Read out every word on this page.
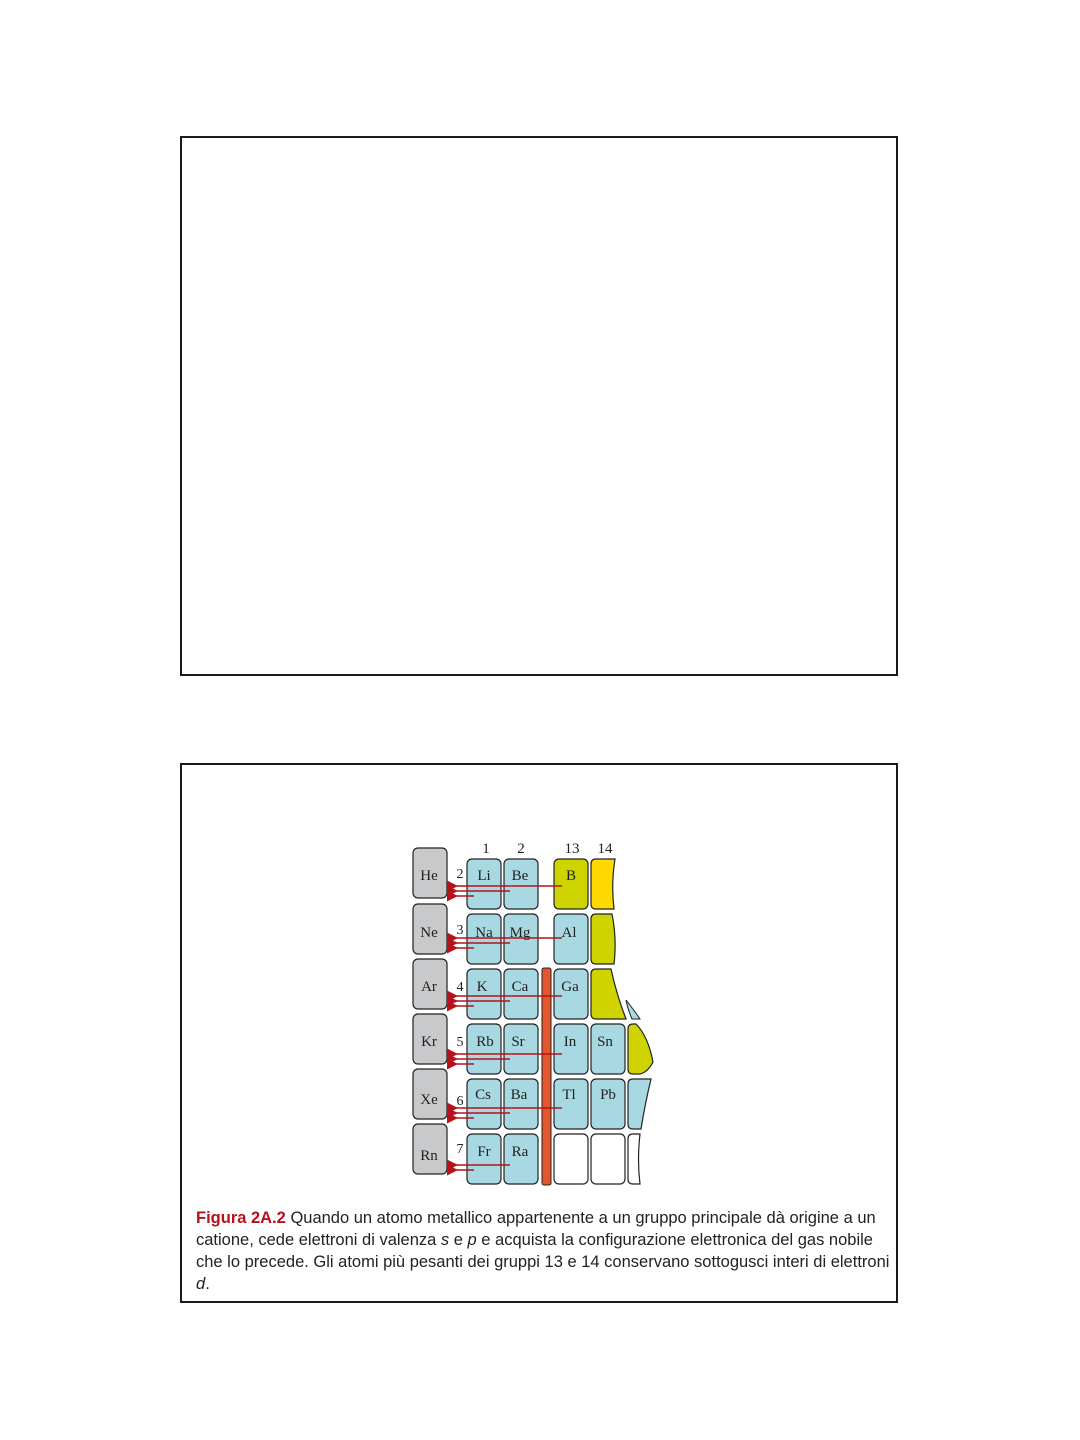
1 2	13 14
He 2 Li Be	B
Ne 3 Na Mg Al
Ar 4 K Ca Ga
Kr 5 Rb Sr	In Sn
Xe 6 Cs Ba Tl Pb
Rn 7 Fr Ra
Figura 2A.2 Quando un atomo metallico appartenente a un gruppo principale dà origine a un catione, cede elettroni di valenza s e p e acquista la configurazione elettronica del gas nobile che lo precede. Gli atomi più pesanti dei gruppi 13 e 14 conservano sottogusci interi di elettroni d.
